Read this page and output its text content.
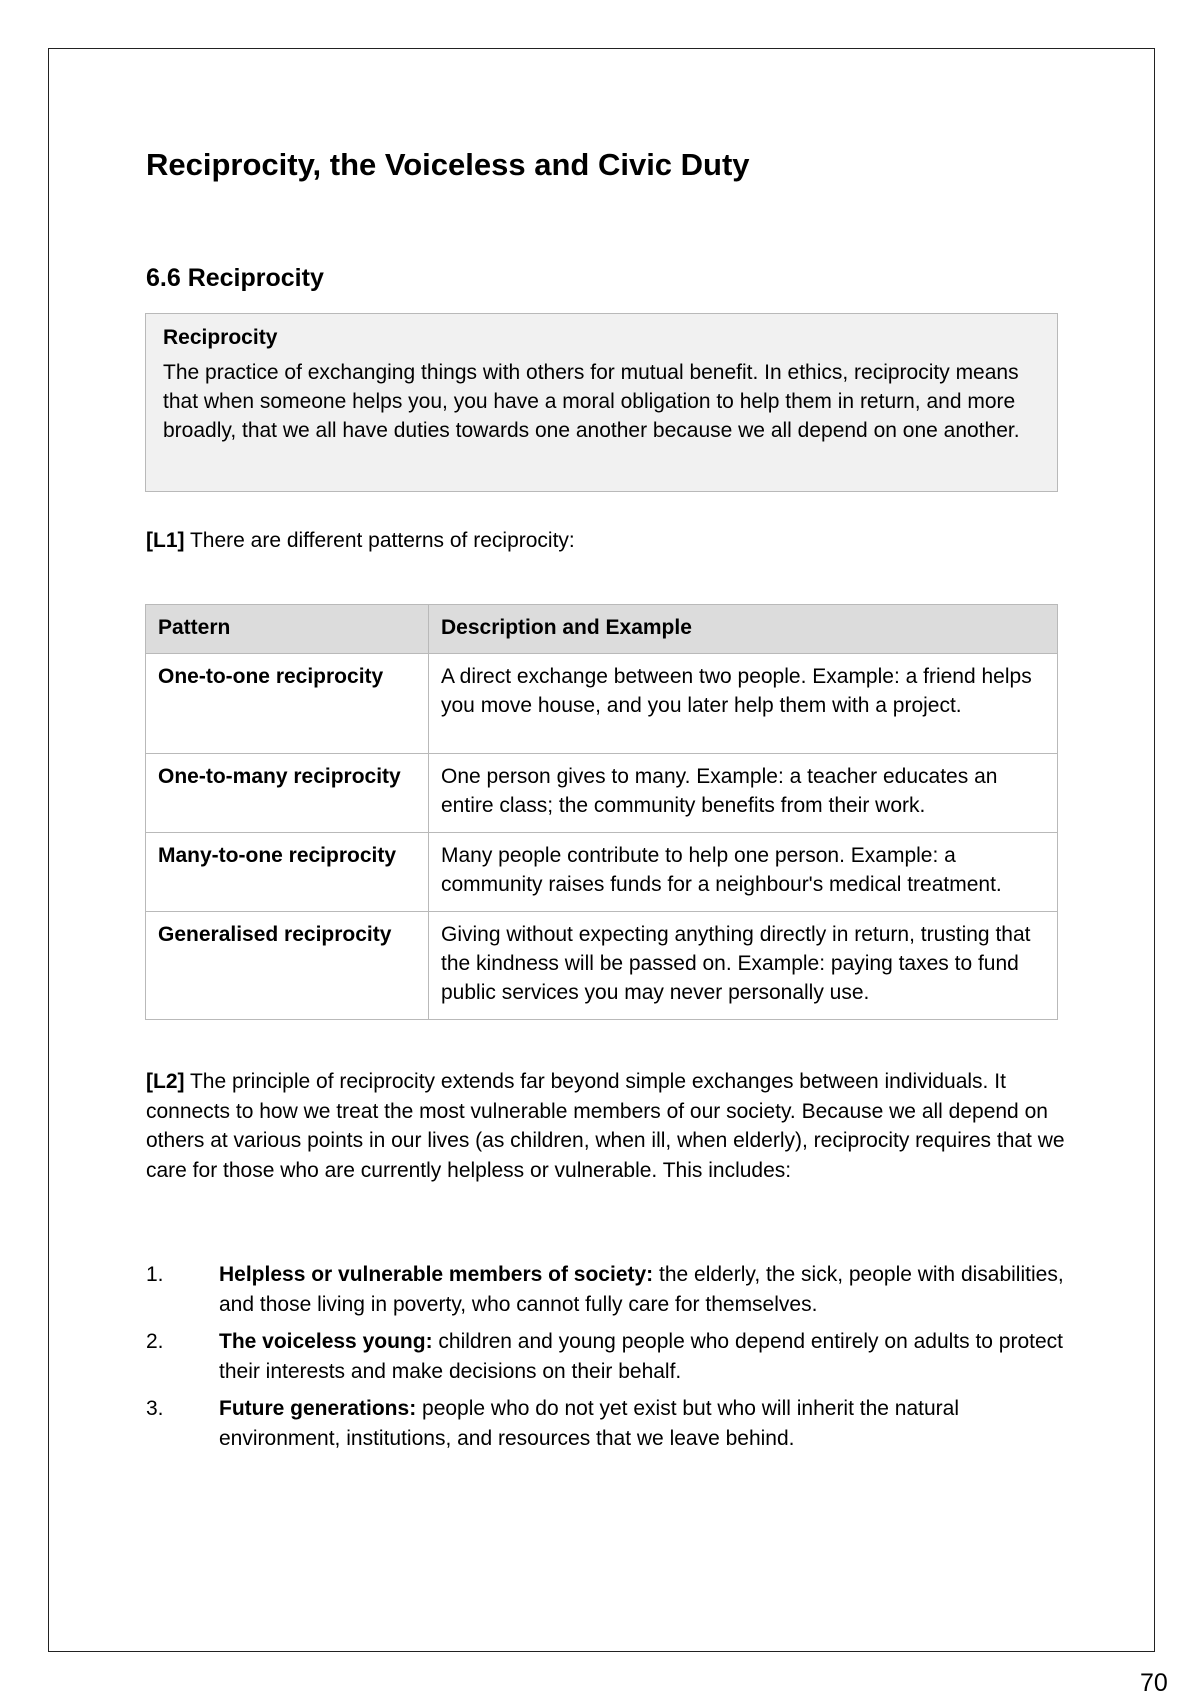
Reciprocity, the Voiceless and Civic Duty
6.6 Reciprocity

Reciprocity

The practice of exchanging things with others for mutual benefit. In ethics, reciprocity means that when someone helps you, you have a moral obligation to help them in return, and more broadly, that we all have duties towards one another because we all depend on one another.

[L1] There are different patterns of reciprocity:

Pattern	Description and Example
One-to-one reciprocity	A direct exchange between two people. Example: a friend helps you move house, and you later help them with a project.
One-to-many reciprocity	One person gives to many. Example: a teacher educates an entire class; the community benefits from their work.
Many-to-one reciprocity	Many people contribute to help one person. Example: a community raises funds for a neighbour's medical treatment.
Generalised reciprocity	Giving without expecting anything directly in return, trusting that the kindness will be passed on. Example: paying taxes to fund public services you may never personally use.

[L2] The principle of reciprocity extends far beyond simple exchanges between individuals. It connects to how we treat the most vulnerable members of our society. Because we all depend on others at various points in our lives (as children, when ill, when elderly), reciprocity requires that we care for those who are currently helpless or vulnerable. This includes:

1.	Helpless or vulnerable members of society: the elderly, the sick, people with disabilities, and those living in poverty, who cannot fully care for themselves.
2.	The voiceless young: children and young people who depend entirely on adults to protect their interests and make decisions on their behalf.
3.	Future generations: people who do not yet exist but who will inherit the natural environment, institutions, and resources that we leave behind.
70
